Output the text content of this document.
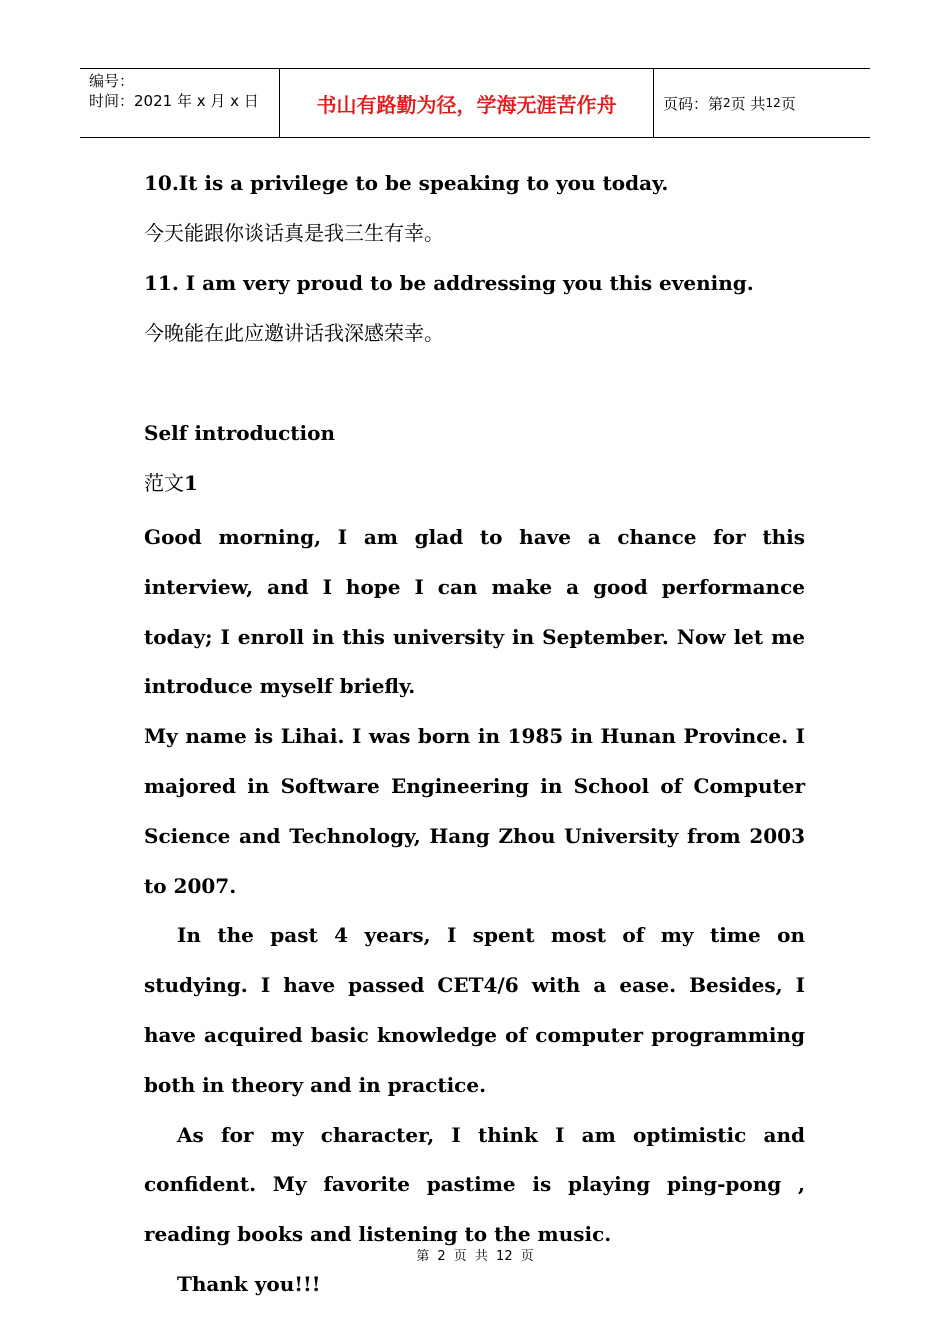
编号：
时间：2021 年 x 月 x 日	书山有路勤为径，学海无涯苦作舟	页码：第 2 页 共 12 页
10.It is a privilege to be speaking to you today.
今天能跟你谈话真是我三生有幸。
11. I am very proud to be addressing you this evening.
今晚能在此应邀讲话我深感荣幸。
Self introduction
范文1

Good morning, I am glad to have a chance for this interview, and I hope I can make a good performance today; I enroll in this university in September. Now let me introduce myself briefly.

My name is Lihai. I was born in 1985 in Hunan Province. I majored in Software Engineering in School of Computer Science and Technology, Hang Zhou University from 2003 to 2007.

In the past 4 years, I spent most of my time on studying. I have passed CET4/6 with a ease. Besides, I have acquired basic knowledge of computer programming both in theory and in practice.

As for my character, I think I am optimistic and confident. My favorite pastime is playing ping-pong , reading books and listening to the music.

Thank you!!!

第 2 页 共 12 页
